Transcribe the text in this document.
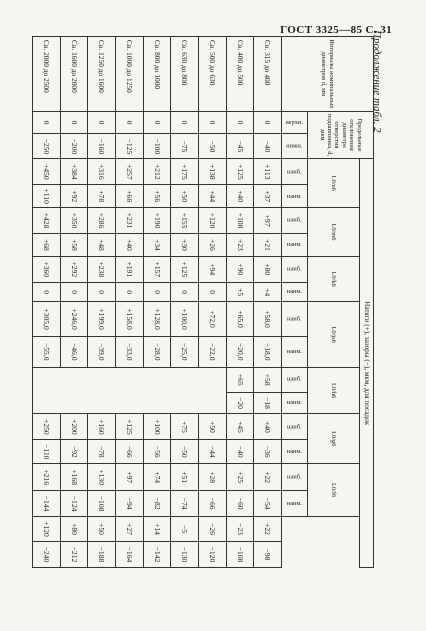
ГОСТ 3325—85 С. 31
Продолжение табл. 2
Интервалы номинальных диаметров d, мм	Предельные отклонения диаметра отверстия подшипника, d, мкм		Натяги (+), зазоры (−), мкм, для посадок															
			L0/n6		L0/m6		L0/k6		L0/js6		L0/h6		L0/g6		L0/f6			
	верхн.	нижн.	наиб.	наим.	наиб.	наим.	наиб.	наим.	наиб.	наим.	наиб.	наим.	наиб.	наим.	наиб.	наим.		
Св. 315 до 400	0	−40	+113	+37	+97	+21	+80	+4	+58,0	−18,0	+58	−18	+40	−36	+22	−54	+22	−98
Св. 400 до 500	0	−45	+125	+40	+108	+23	+90	+5	+65,0	−20,0	+65	−20	+45	−40	+25	−60	−23	−108
Св. 500 до 630	0	−50	+138	+44	+120	+26	+94	0	+72,0	−22,0			+50	−44	+28	−66	−26	−120
Св. 630 до 800	0	−75	+175	+50	+155	+30	+125	0	+100,0	−25,0			+75	−50	+51	−74	−5	−130
Св. 800 до 1000	0	−100	+212	+56	+190	+34	+157	0	+128,0	−28,0			+100	−56	+74	−82	+14	−142
Св. 1000 до 1250	0	−125	+257	+66	+231	+40	+191	0	+158,0	−33,0			+125	−66	+97	−94	+27	−164
Св. 1250 до 1600	0	−160	+316	+78	+286	+48	+238	0	+199,0	−39,0			+160	−78	+130	−108	+50	−188
Св. 1600 до 2000	0	−200	+384	+92	+350	+58	+292	0	+246,0	−46,0			+200	−92	+168	−124	+80	−212
Св. 2000 до 2500	0	−250	+450	+110	+428	+68	+360	0	+305,0	−55,0			+250	−110	+216	−144	+120	−240
